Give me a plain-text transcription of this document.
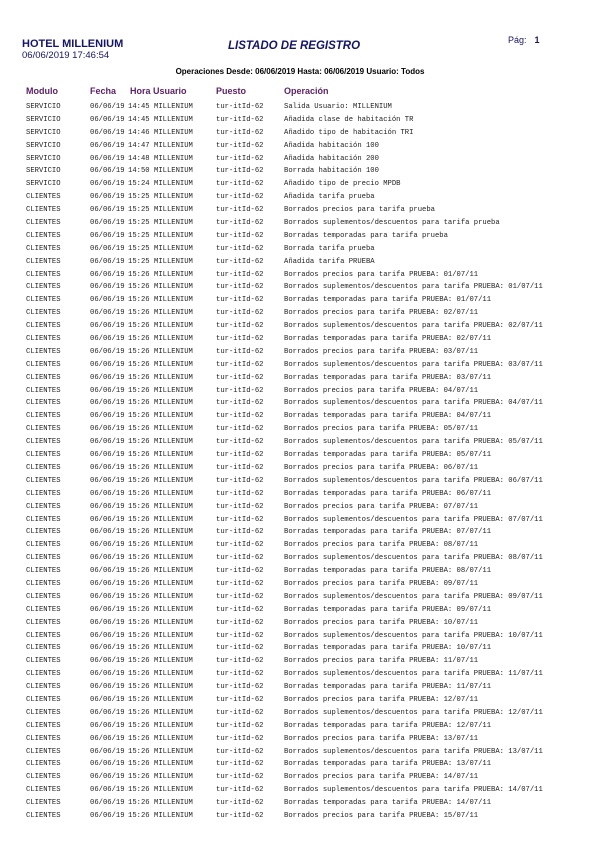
HOTEL MILLENIUM
06/06/2019 17:46:54
LISTADO DE REGISTRO	Pág: 1
Operaciones Desde: 06/06/2019 Hasta: 06/06/2019 Usuario: Todos
Modulo	Fecha Hora Usuario	Puesto	Operación
SERVICIO	06/06/19 14:45 MILLENIUM	tur-itId-62	Salida Usuario: MILLENIUM
SERVICIO	06/06/19 14:45 MILLENIUM	tur-itId-62	Añadida clase de habitación TR
SERVICIO	06/06/19 14:46 MILLENIUM	tur-itId-62	Añadido tipo de habitación TRI
SERVICIO	06/06/19 14:47 MILLENIUM	tur-itId-62	Añadida habitación 100
SERVICIO	06/06/19 14:48 MILLENIUM	tur-itId-62	Añadida habitación 200
SERVICIO	06/06/19 14:50 MILLENIUM	tur-itId-62	Borrada habitación 100
SERVICIO	06/06/19 15:24 MILLENIUM	tur-itId-62	Añadido tipo de precio MPDB
CLIENTES	06/06/19 15:25 MILLENIUM	tur-itId-62	Añadida tarifa prueba
CLIENTES	06/06/19 15:25 MILLENIUM	tur-itId-62	Borrados precios para tarifa prueba
CLIENTES	06/06/19 15:25 MILLENIUM	tur-itId-62	Borrados suplementos/descuentos para tarifa prueba
CLIENTES	06/06/19 15:25 MILLENIUM	tur-itId-62	Borradas temporadas para tarifa prueba
CLIENTES	06/06/19 15:25 MILLENIUM	tur-itId-62	Borrada tarifa prueba
CLIENTES	06/06/19 15:25 MILLENIUM	tur-itId-62	Añadida tarifa PRUEBA
CLIENTES	06/06/19 15:26 MILLENIUM	tur-itId-62	Borrados precios para tarifa PRUEBA: 01/07/11
CLIENTES	06/06/19 15:26 MILLENIUM	tur-itId-62	Borrados suplementos/descuentos para tarifa PRUEBA: 01/07/11
CLIENTES	06/06/19 15:26 MILLENIUM	tur-itId-62	Borradas temporadas para tarifa PRUEBA: 01/07/11
CLIENTES	06/06/19 15:26 MILLENIUM	tur-itId-62	Borrados precios para tarifa PRUEBA: 02/07/11
CLIENTES	06/06/19 15:26 MILLENIUM	tur-itId-62	Borrados suplementos/descuentos para tarifa PRUEBA: 02/07/11
CLIENTES	06/06/19 15:26 MILLENIUM	tur-itId-62	Borradas temporadas para tarifa PRUEBA: 02/07/11
CLIENTES	06/06/19 15:26 MILLENIUM	tur-itId-62	Borrados precios para tarifa PRUEBA: 03/07/11
CLIENTES	06/06/19 15:26 MILLENIUM	tur-itId-62	Borrados suplementos/descuentos para tarifa PRUEBA: 03/07/11
CLIENTES	06/06/19 15:26 MILLENIUM	tur-itId-62	Borradas temporadas para tarifa PRUEBA: 03/07/11
CLIENTES	06/06/19 15:26 MILLENIUM	tur-itId-62	Borrados precios para tarifa PRUEBA: 04/07/11
CLIENTES	06/06/19 15:26 MILLENIUM	tur-itId-62	Borrados suplementos/descuentos para tarifa PRUEBA: 04/07/11
CLIENTES	06/06/19 15:26 MILLENIUM	tur-itId-62	Borradas temporadas para tarifa PRUEBA: 04/07/11
CLIENTES	06/06/19 15:26 MILLENIUM	tur-itId-62	Borrados precios para tarifa PRUEBA: 05/07/11
CLIENTES	06/06/19 15:26 MILLENIUM	tur-itId-62	Borrados suplementos/descuentos para tarifa PRUEBA: 05/07/11
CLIENTES	06/06/19 15:26 MILLENIUM	tur-itId-62	Borradas temporadas para tarifa PRUEBA: 05/07/11
CLIENTES	06/06/19 15:26 MILLENIUM	tur-itId-62	Borrados precios para tarifa PRUEBA: 06/07/11
CLIENTES	06/06/19 15:26 MILLENIUM	tur-itId-62	Borrados suplementos/descuentos para tarifa PRUEBA: 06/07/11
CLIENTES	06/06/19 15:26 MILLENIUM	tur-itId-62	Borradas temporadas para tarifa PRUEBA: 06/07/11
CLIENTES	06/06/19 15:26 MILLENIUM	tur-itId-62	Borrados precios para tarifa PRUEBA: 07/07/11
CLIENTES	06/06/19 15:26 MILLENIUM	tur-itId-62	Borrados suplementos/descuentos para tarifa PRUEBA: 07/07/11
CLIENTES	06/06/19 15:26 MILLENIUM	tur-itId-62	Borradas temporadas para tarifa PRUEBA: 07/07/11
CLIENTES	06/06/19 15:26 MILLENIUM	tur-itId-62	Borrados precios para tarifa PRUEBA: 08/07/11
CLIENTES	06/06/19 15:26 MILLENIUM	tur-itId-62	Borrados suplementos/descuentos para tarifa PRUEBA: 08/07/11
CLIENTES	06/06/19 15:26 MILLENIUM	tur-itId-62	Borradas temporadas para tarifa PRUEBA: 08/07/11
CLIENTES	06/06/19 15:26 MILLENIUM	tur-itId-62	Borrados precios para tarifa PRUEBA: 09/07/11
CLIENTES	06/06/19 15:26 MILLENIUM	tur-itId-62	Borrados suplementos/descuentos para tarifa PRUEBA: 09/07/11
CLIENTES	06/06/19 15:26 MILLENIUM	tur-itId-62	Borradas temporadas para tarifa PRUEBA: 09/07/11
CLIENTES	06/06/19 15:26 MILLENIUM	tur-itId-62	Borrados precios para tarifa PRUEBA: 10/07/11
CLIENTES	06/06/19 15:26 MILLENIUM	tur-itId-62	Borrados suplementos/descuentos para tarifa PRUEBA: 10/07/11
CLIENTES	06/06/19 15:26 MILLENIUM	tur-itId-62	Borradas temporadas para tarifa PRUEBA: 10/07/11
CLIENTES	06/06/19 15:26 MILLENIUM	tur-itId-62	Borrados precios para tarifa PRUEBA: 11/07/11
CLIENTES	06/06/19 15:26 MILLENIUM	tur-itId-62	Borrados suplementos/descuentos para tarifa PRUEBA: 11/07/11
CLIENTES	06/06/19 15:26 MILLENIUM	tur-itId-62	Borradas temporadas para tarifa PRUEBA: 11/07/11
CLIENTES	06/06/19 15:26 MILLENIUM	tur-itId-62	Borrados precios para tarifa PRUEBA: 12/07/11
CLIENTES	06/06/19 15:26 MILLENIUM	tur-itId-62	Borrados suplementos/descuentos para tarifa PRUEBA: 12/07/11
CLIENTES	06/06/19 15:26 MILLENIUM	tur-itId-62	Borradas temporadas para tarifa PRUEBA: 12/07/11
CLIENTES	06/06/19 15:26 MILLENIUM	tur-itId-62	Borrados precios para tarifa PRUEBA: 13/07/11
CLIENTES	06/06/19 15:26 MILLENIUM	tur-itId-62	Borrados suplementos/descuentos para tarifa PRUEBA: 13/07/11
CLIENTES	06/06/19 15:26 MILLENIUM	tur-itId-62	Borradas temporadas para tarifa PRUEBA: 13/07/11
CLIENTES	06/06/19 15:26 MILLENIUM	tur-itId-62	Borrados precios para tarifa PRUEBA: 14/07/11
CLIENTES	06/06/19 15:26 MILLENIUM	tur-itId-62	Borrados suplementos/descuentos para tarifa PRUEBA: 14/07/11
CLIENTES	06/06/19 15:26 MILLENIUM	tur-itId-62	Borradas temporadas para tarifa PRUEBA: 14/07/11
CLIENTES	06/06/19 15:26 MILLENIUM	tur-itId-62	Borrados precios para tarifa PRUEBA: 15/07/11
